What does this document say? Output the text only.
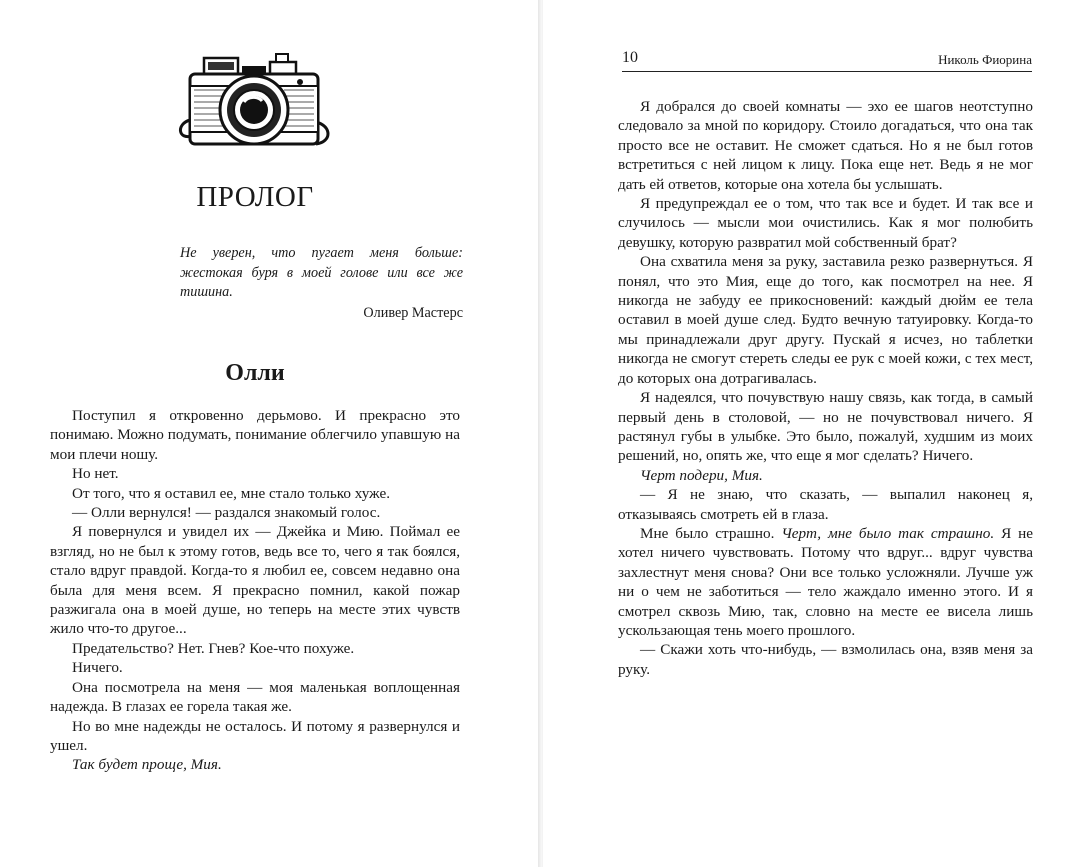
ПРОЛОГ

Не уверен, что пугает меня больше: жестокая буря в моей голове или все же тишина.

Оливер Мастерс

Олли

Поступил я откровенно дерьмово. И прекрасно это понимаю. Можно подумать, понимание облегчило упавшую на мои плечи ношу.

Но нет.

От того, что я оставил ее, мне стало только хуже.

— Олли вернулся! — раздался знакомый голос.

Я повернулся и увидел их — Джейка и Мию. Поймал ее взгляд, но не был к этому готов, ведь все то, чего я так боялся, стало вдруг правдой. Когда-то я любил ее, совсем недавно она была для меня всем. Я прекрасно помнил, какой пожар разжигала она в моей душе, но теперь на месте этих чувств жило что-то другое...

Предательство? Нет. Гнев? Кое-что похуже.

Ничего.

Она посмотрела на меня — моя маленькая воплощенная надежда. В глазах ее горела такая же.

Но во мне надежды не осталось. И потому я развернулся и ушел.

Так будет проще, Мия.

10	Николь Фиорина

Я добрался до своей комнаты — эхо ее шагов неотступно следовало за мной по коридору. Стоило догадаться, что она так просто все не оставит. Не сможет сдаться. Но я не был готов встретиться с ней лицом к лицу. Пока еще нет. Ведь я не мог дать ей ответов, которые она хотела бы услышать.

Я предупреждал ее о том, что так все и будет. И так все и случилось — мысли мои очистились. Как я мог полюбить девушку, которую развратил мой собственный брат?

Она схватила меня за руку, заставила резко развернуться. Я понял, что это Мия, еще до того, как посмотрел на нее. Я никогда не забуду ее прикосновений: каждый дюйм ее тела оставил в моей душе след. Будто вечную татуировку. Когда-то мы принадлежали друг другу. Пускай я исчез, но таблетки никогда не смогут стереть следы ее рук с моей кожи, с тех мест, до которых она дотрагивалась.

Я надеялся, что почувствую нашу связь, как тогда, в самый первый день в столовой, — но не почувствовал ничего. Я растянул губы в улыбке. Это было, пожалуй, худшим из моих решений, но, опять же, что еще я мог сделать? Ничего.

Черт подери, Мия.

— Я не знаю, что сказать, — выпалил наконец я, отказываясь смотреть ей в глаза.

Мне было страшно. Черт, мне было так страшно. Я не хотел ничего чувствовать. Потому что вдруг... вдруг чувства захлестнут меня снова? Они все только усложняли. Лучше уж ни о чем не заботиться — тело жаждало именно этого. И я смотрел сквозь Мию, так, словно на месте ее висела лишь ускользающая тень моего прошлого.

— Скажи хоть что-нибудь, — взмолилась она, взяв меня за руку.
